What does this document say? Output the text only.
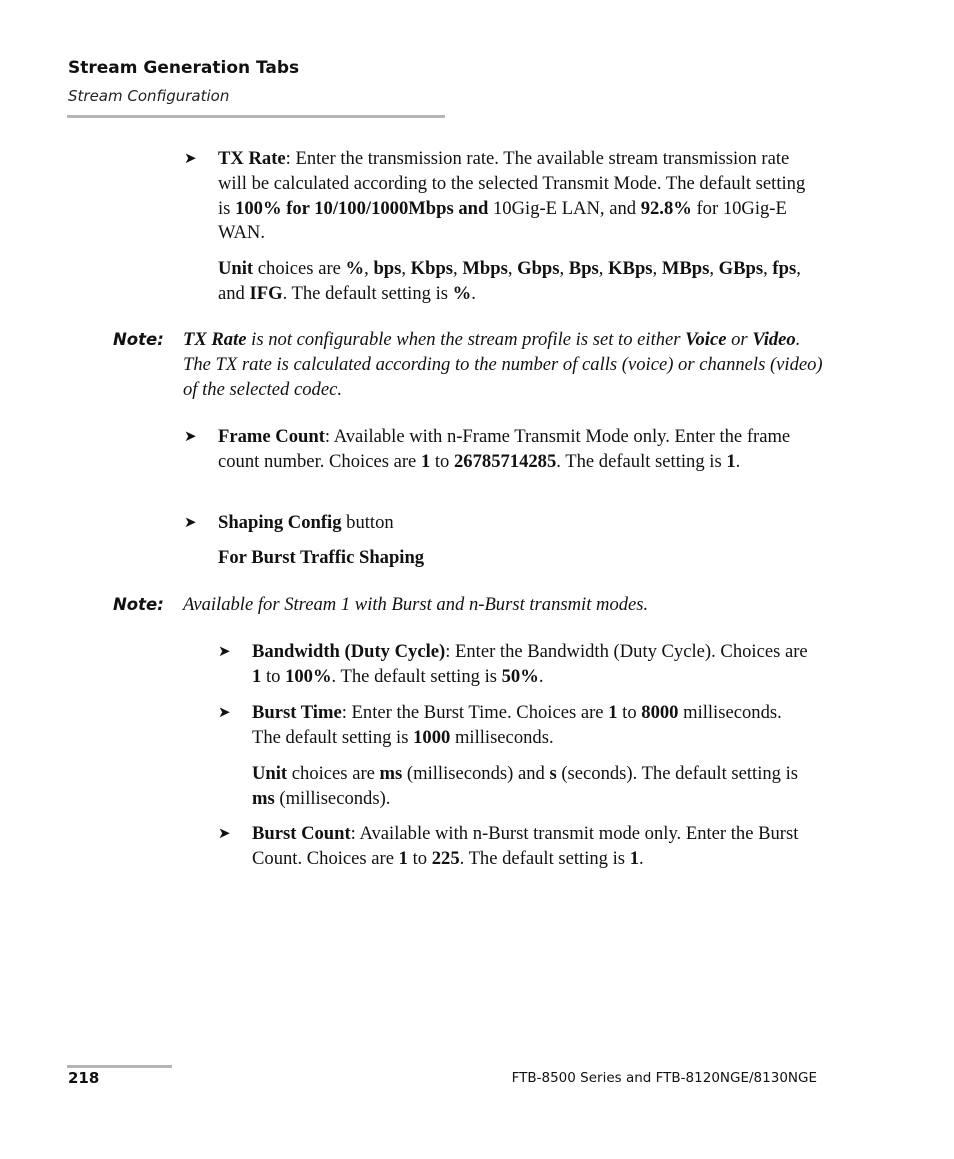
Stream Generation Tabs
Stream Configuration
➤ TX Rate: Enter the transmission rate. The available stream transmission rate will be calculated according to the selected Transmit Mode. The default setting is 100% for 10/100/1000Mbps and 10Gig-E LAN, and 92.8% for 10Gig-E WAN.
Unit choices are %, bps, Kbps, Mbps, Gbps, Bps, KBps, MBps, GBps, fps, and IFG. The default setting is %.
Note: TX Rate is not configurable when the stream profile is set to either Voice or Video. The TX rate is calculated according to the number of calls (voice) or channels (video) of the selected codec.
➤ Frame Count: Available with n-Frame Transmit Mode only. Enter the frame count number. Choices are 1 to 26785714285. The default setting is 1.
➤ Shaping Config button
For Burst Traffic Shaping
Note: Available for Stream 1 with Burst and n-Burst transmit modes.
➤ Bandwidth (Duty Cycle): Enter the Bandwidth (Duty Cycle). Choices are 1 to 100%. The default setting is 50%.
➤ Burst Time: Enter the Burst Time. Choices are 1 to 8000 milliseconds. The default setting is 1000 milliseconds.
Unit choices are ms (milliseconds) and s (seconds). The default setting is ms (milliseconds).
➤ Burst Count: Available with n-Burst transmit mode only. Enter the Burst Count. Choices are 1 to 225. The default setting is 1.
218	FTB-8500 Series and FTB-8120NGE/8130NGE
